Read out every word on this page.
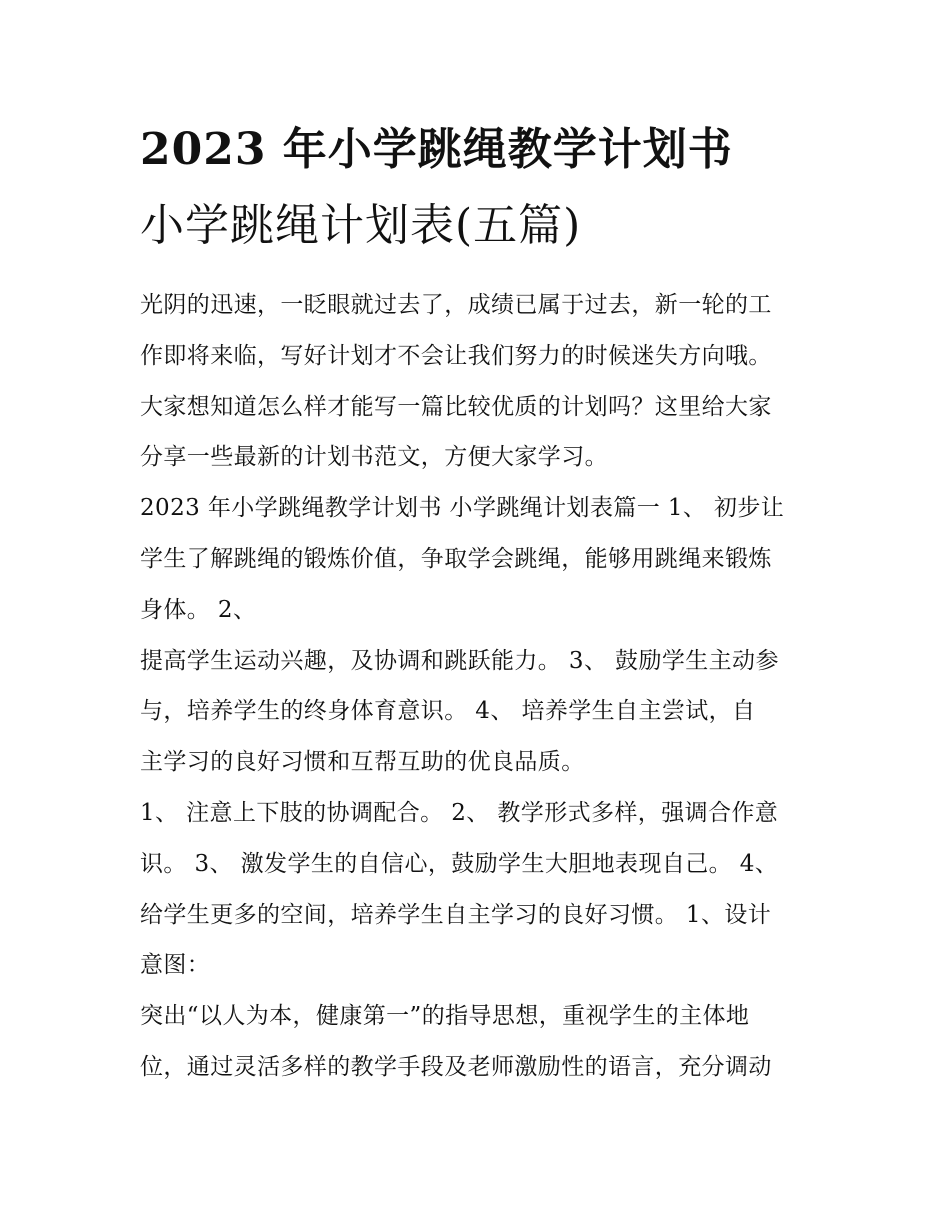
2023 年小学跳绳教学计划书
小学跳绳计划表(五篇)
光阴的迅速，一眨眼就过去了，成绩已属于过去，新一轮的工
作即将来临，写好计划才不会让我们努力的时候迷失方向哦。
大家想知道怎么样才能写一篇比较优质的计划吗？这里给大家
分享一些最新的计划书范文，方便大家学习。
2023 年小学跳绳教学计划书 小学跳绳计划表篇一 1、 初步让
学生了解跳绳的锻炼价值，争取学会跳绳，能够用跳绳来锻炼
身体。 2、
提高学生运动兴趣，及协调和跳跃能力。 3、 鼓励学生主动参
与，培养学生的终身体育意识。 4、 培养学生自主尝试，自
主学习的良好习惯和互帮互助的优良品质。
1、 注意上下肢的协调配合。 2、 教学形式多样，强调合作意
识。 3、 激发学生的自信心，鼓励学生大胆地表现自己。 4、
给学生更多的空间，培养学生自主学习的良好习惯。 1、设计
意图：
突出“以人为本，健康第一”的指导思想，重视学生的主体地
位，通过灵活多样的教学手段及老师激励性的语言，充分调动
